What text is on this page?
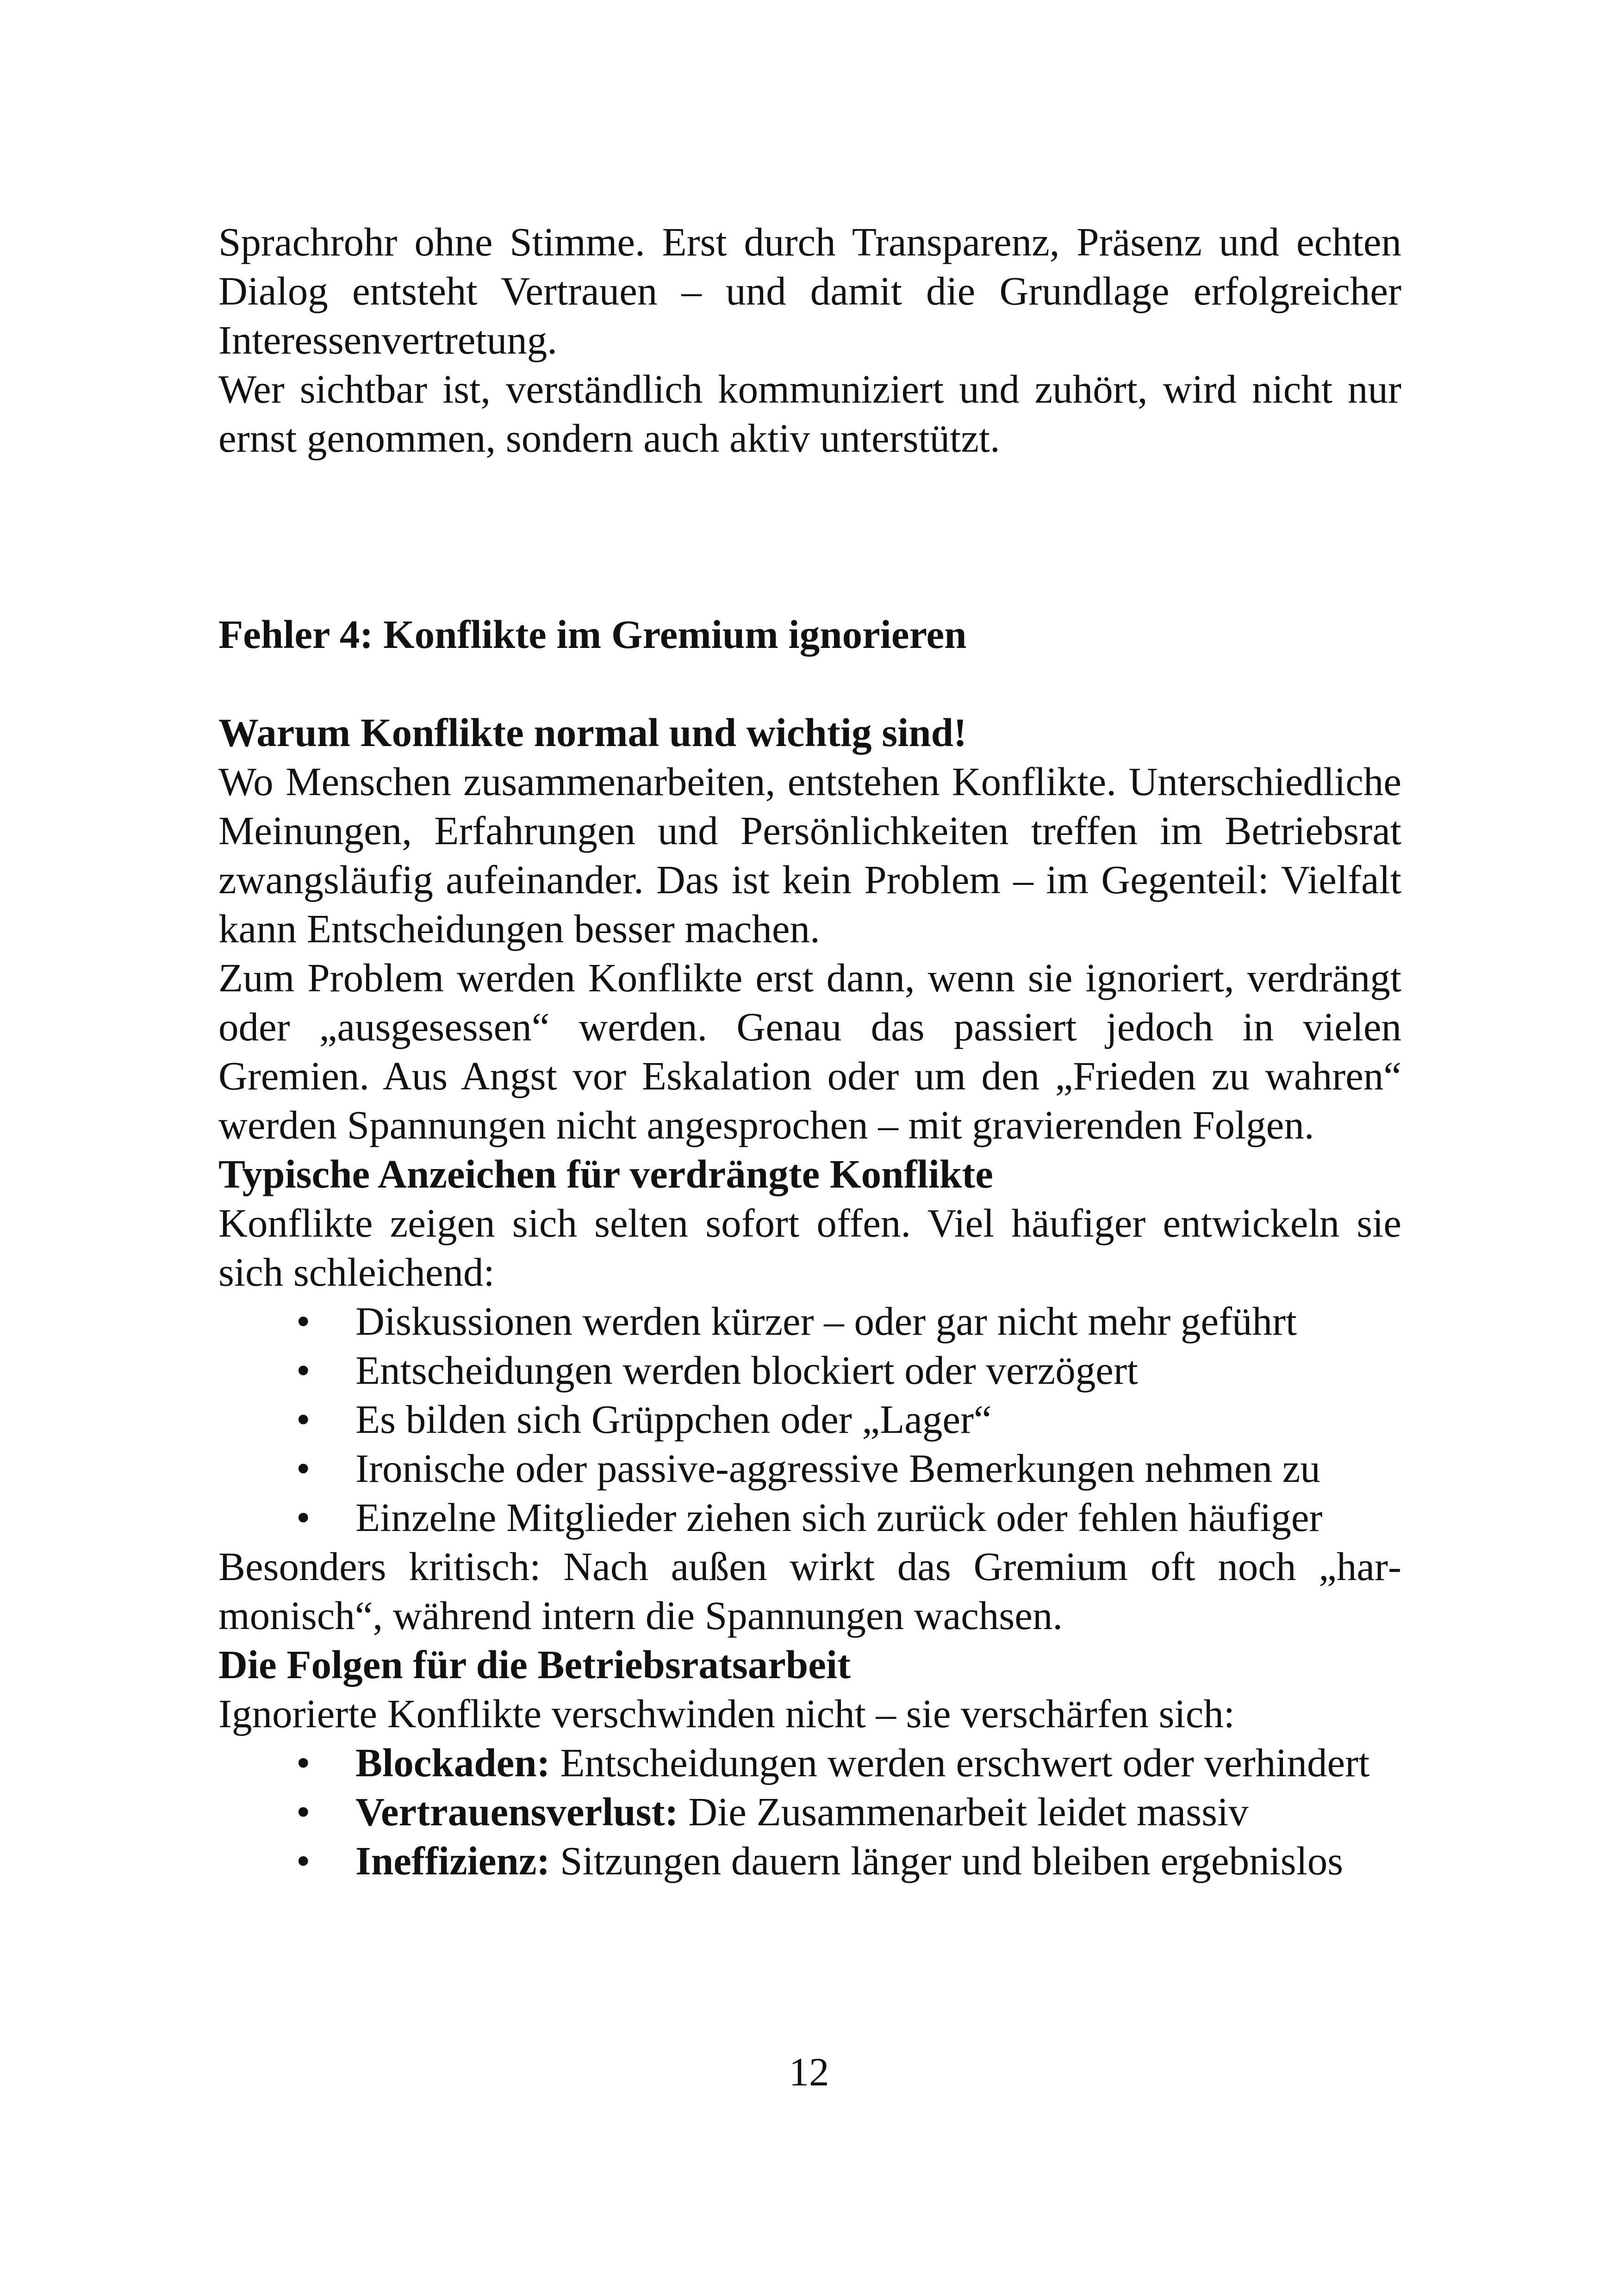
Sprachrohr ohne Stimme. Erst durch Transparenz, Präsenz und echten Dialog entsteht Vertrauen – und damit die Grundlage erfolgreicher Interessenvertretung.

Wer sichtbar ist, verständlich kommuniziert und zuhört, wird nicht nur ernst genommen, sondern auch aktiv unterstützt.

Fehler 4: Konflikte im Gremium ignorieren
Warum Konflikte normal und wichtig sind!

Wo Menschen zusammenarbeiten, entstehen Konflikte. Unterschiedliche Meinungen, Erfahrungen und Persönlichkeiten treffen im Betriebsrat zwangsläufig aufeinander. Das ist kein Problem – im Gegenteil: Vielfalt kann Entscheidungen besser machen.

Zum Problem werden Konflikte erst dann, wenn sie ignoriert, verdrängt oder „ausgesessen“ werden. Genau das passiert jedoch in vielen Gremien. Aus Angst vor Eskalation oder um den „Frieden zu wahren“ werden Spannungen nicht angesprochen – mit gravierenden Folgen.

Typische Anzeichen für verdrängte Konflikte

Konflikte zeigen sich selten sofort offen. Viel häufiger entwickeln sie sich schleichend:

• Diskussionen werden kürzer – oder gar nicht mehr geführt
• Entscheidungen werden blockiert oder verzögert
• Es bilden sich Grüppchen oder „Lager“
• Ironische oder passive-aggressive Bemerkungen nehmen zu
• Einzelne Mitglieder ziehen sich zurück oder fehlen häufiger

Besonders kritisch: Nach außen wirkt das Gremium oft noch „harmonisch“, während intern die Spannungen wachsen.

Die Folgen für die Betriebsratsarbeit

Ignorierte Konflikte verschwinden nicht – sie verschärfen sich:

• Blockaden: Entscheidungen werden erschwert oder verhindert
• Vertrauensverlust: Die Zusammenarbeit leidet massiv
• Ineffizienz: Sitzungen dauern länger und bleiben ergebnislos
12
